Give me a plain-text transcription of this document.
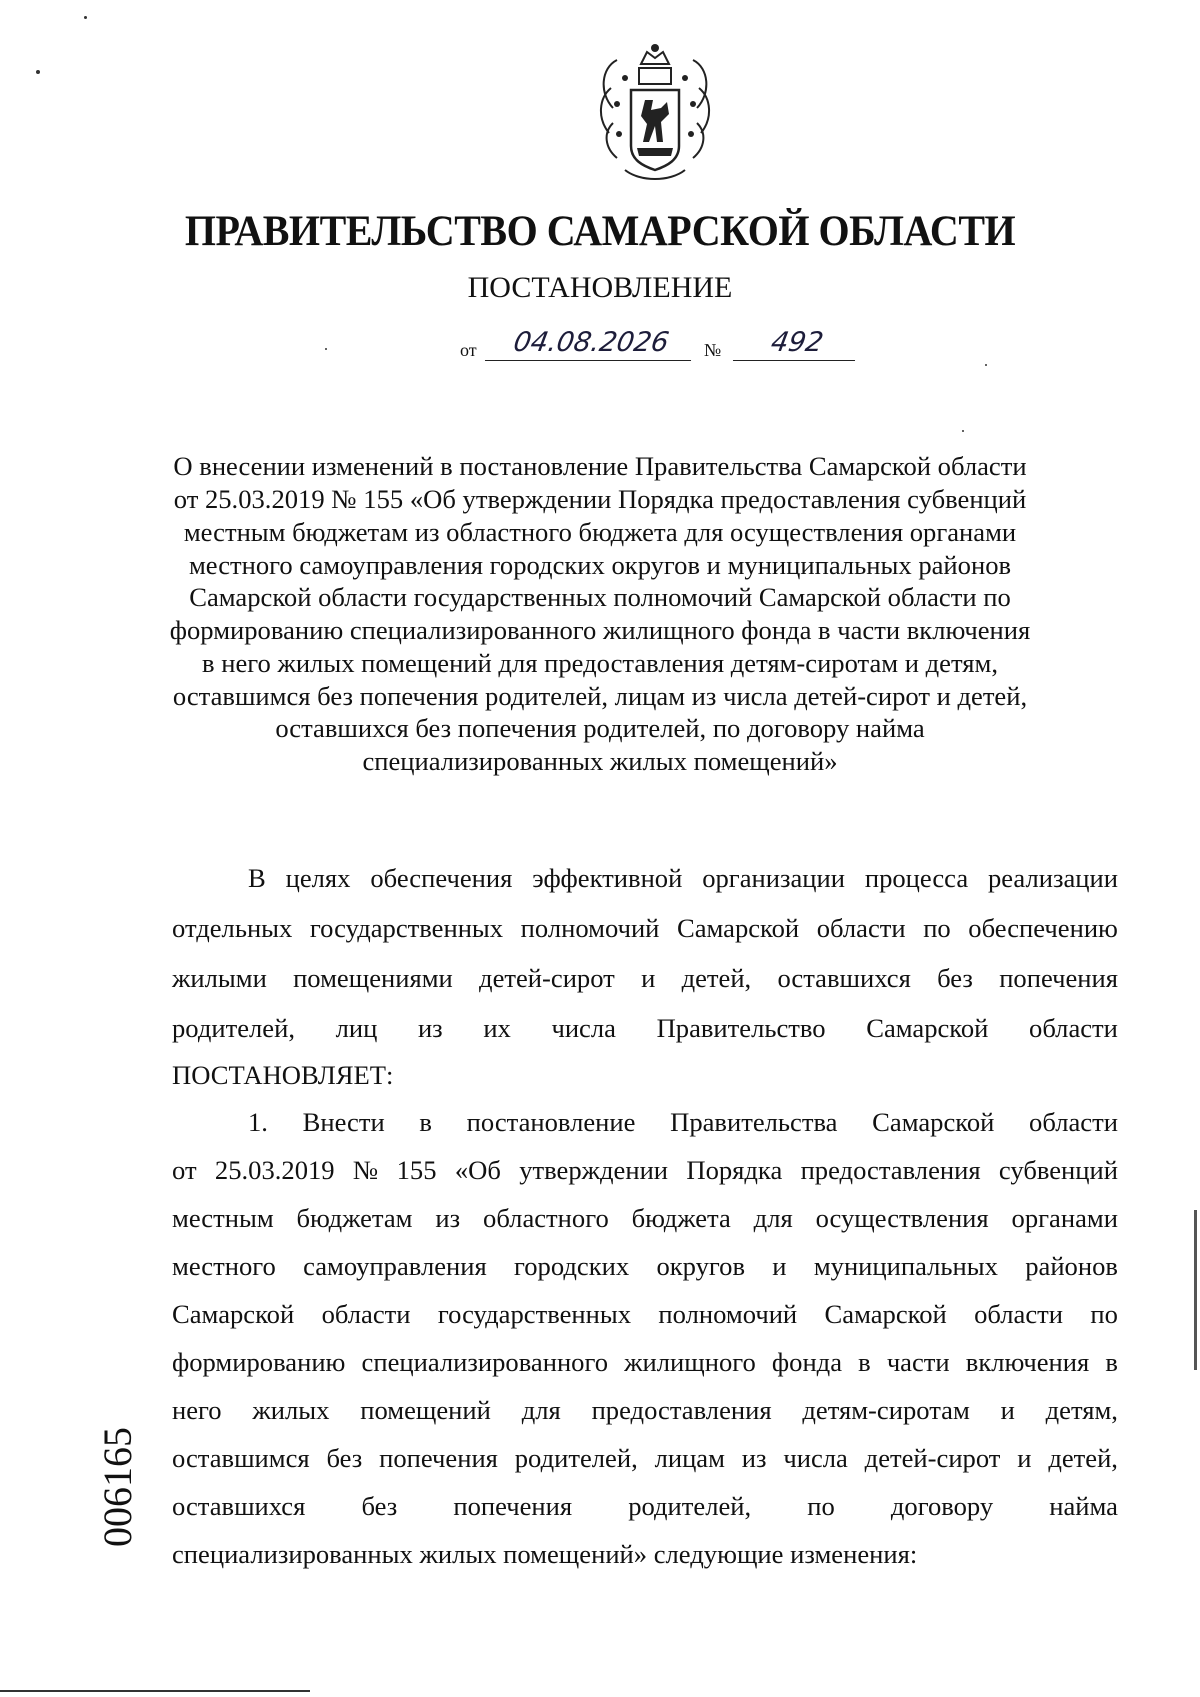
ПРАВИТЕЛЬСТВО САМАРСКОЙ ОБЛАСТИ
ПОСТАНОВЛЕНИЕ
от	04.08.2026	№	492
О внесении изменений в постановление Правительства Самарской области
от 25.03.2019 № 155 «Об утверждении Порядка предоставления субвенций
местным бюджетам из областного бюджета для осуществления органами
местного самоуправления городских округов и муниципальных районов
Самарской области государственных полномочий Самарской области по
формированию специализированного жилищного фонда в части включения
в него жилых помещений для предоставления детям-сиротам и детям,
оставшимся без попечения родителей, лицам из числа детей-сирот и детей,
оставшихся без попечения родителей, по договору найма
специализированных жилых помещений»
В целях обеспечения эффективной организации процесса реализации
отдельных государственных полномочий Самарской области по обеспечению
жилыми помещениями детей-сирот и детей, оставшихся без попечения
родителей, лиц из их числа Правительство Самарской области
ПОСТАНОВЛЯЕТ:
1. Внести в постановление Правительства Самарской области
от 25.03.2019 № 155 «Об утверждении Порядка предоставления субвенций
местным бюджетам из областного бюджета для осуществления органами
местного самоуправления городских округов и муниципальных районов
Самарской области государственных полномочий Самарской области по
формированию специализированного жилищного фонда в части включения в
него жилых помещений для предоставления детям-сиротам и детям,
оставшимся без попечения родителей, лицам из числа детей-сирот и детей,
оставшихся без попечения родителей, по договору найма
специализированных жилых помещений» следующие изменения:
006165
